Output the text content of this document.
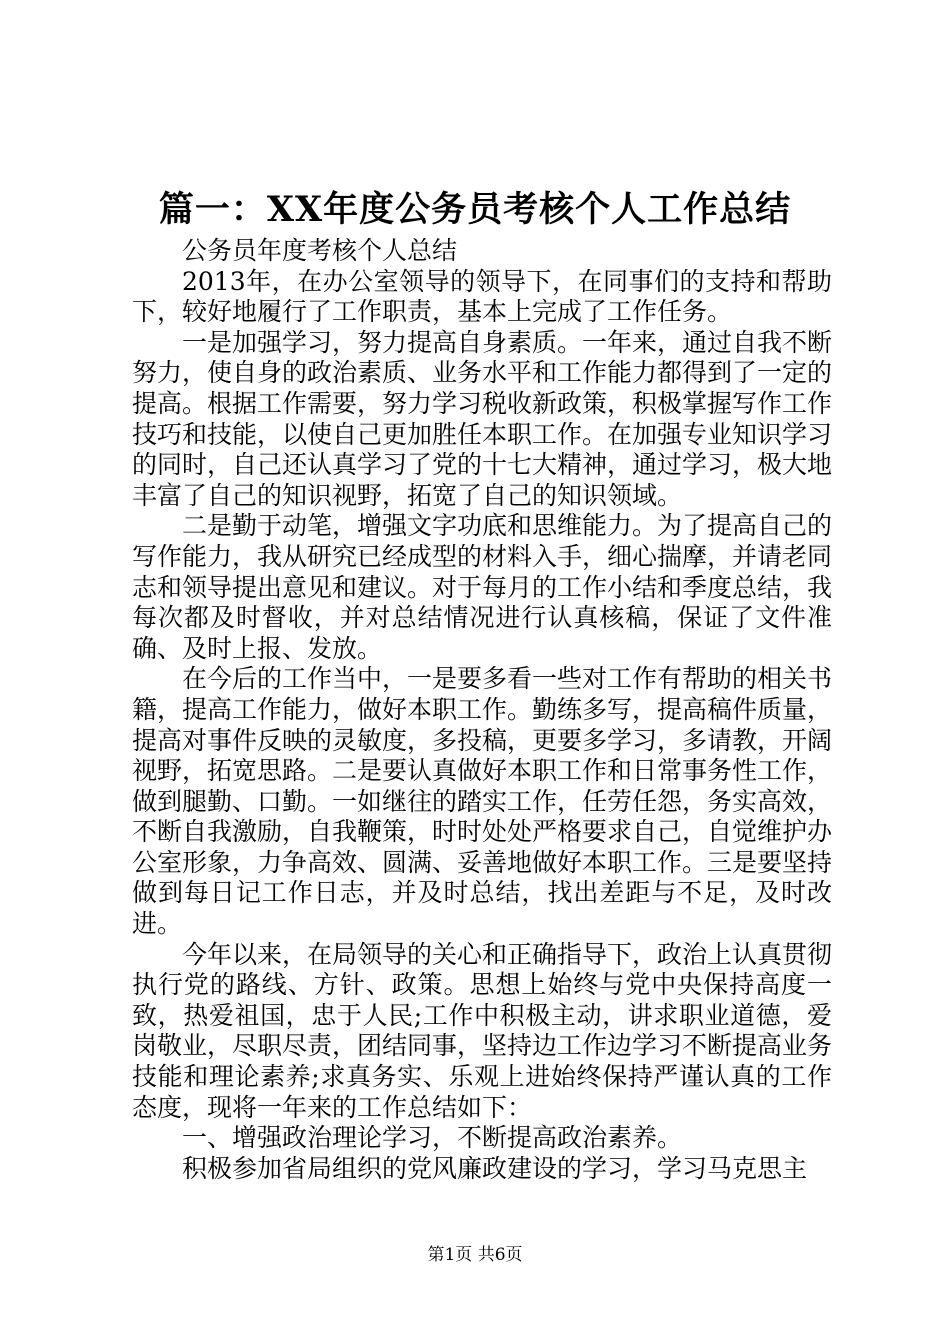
篇一：XX年度公务员考核个人工作总结

公务员年度考核个人总结

2013年，在办公室领导的领导下，在同事们的支持和帮助下，较好地履行了工作职责，基本上完成了工作任务。

一是加强学习，努力提高自身素质。一年来，通过自我不断努力，使自身的政治素质、业务水平和工作能力都得到了一定的提高。根据工作需要，努力学习税收新政策，积极掌握写作工作技巧和技能，以使自己更加胜任本职工作。在加强专业知识学习的同时，自己还认真学习了党的十七大精神，通过学习，极大地丰富了自己的知识视野，拓宽了自己的知识领域。

二是勤于动笔，增强文字功底和思维能力。为了提高自己的写作能力，我从研究已经成型的材料入手，细心揣摩，并请老同志和领导提出意见和建议。对于每月的工作小结和季度总结，我每次都及时督收，并对总结情况进行认真核稿，保证了文件准确、及时上报、发放。

在今后的工作当中，一是要多看一些对工作有帮助的相关书籍，提高工作能力，做好本职工作。勤练多写，提高稿件质量，提高对事件反映的灵敏度，多投稿，更要多学习，多请教，开阔视野，拓宽思路。二是要认真做好本职工作和日常事务性工作，做到腿勤、口勤。一如继往的踏实工作，任劳任怨，务实高效，不断自我激励，自我鞭策，时时处处严格要求自己，自觉维护办公室形象，力争高效、圆满、妥善地做好本职工作。三是要坚持做到每日记工作日志，并及时总结，找出差距与不足，及时改进。

今年以来，在局领导的关心和正确指导下，政治上认真贯彻执行党的路线、方针、政策。思想上始终与党中央保持高度一致，热爱祖国，忠于人民;工作中积极主动，讲求职业道德，爱岗敬业，尽职尽责，团结同事，坚持边工作边学习不断提高业务技能和理论素养;求真务实、乐观上进始终保持严谨认真的工作态度，现将一年来的工作总结如下：

一、增强政治理论学习，不断提高政治素养。

积极参加省局组织的党风廉政建设的学习，学习马克思主

第1页 共6页
